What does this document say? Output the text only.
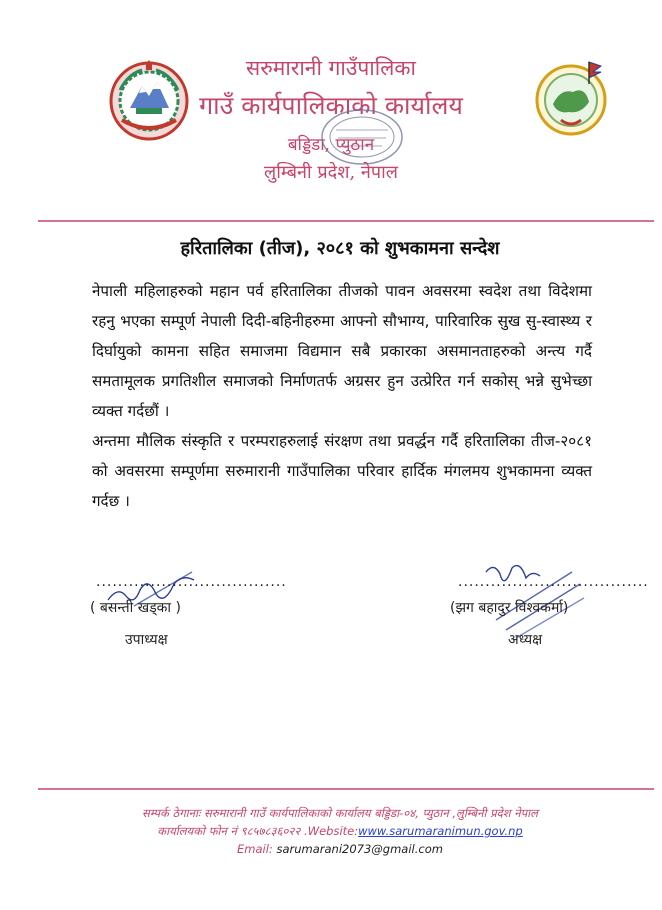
सरुमारानी गाउँपालिका
गाउँ कार्यपालिकाको कार्यालय
बड्डिडा, प्युठान
लुम्बिनी प्रदेश, नेपाल
हरितालिका (तीज), २०८१ को शुभकामना सन्देश

नेपाली महिलाहरुको महान पर्व हरितालिका तीजको पावन अवसरमा स्वदेश तथा विदेशमा रहनु भएका सम्पूर्ण नेपाली दिदी-बहिनीहरुमा आफ्नो सौभाग्य, पारिवारिक सुख सु-स्वास्थ्य र दिर्घायुको कामना सहित समाजमा विद्यमान सबै प्रकारका असमानताहरुको अन्त्य गर्दै समतामूलक प्रगतिशील समाजको निर्माणतर्फ अग्रसर हुन उत्प्रेरित गर्न सकोस् भन्ने सुभेच्छा व्यक्त गर्दछौं ।

अन्तमा मौलिक संस्कृति र परम्पराहरुलाई संरक्षण तथा प्रवर्द्धन गर्दै हरितालिका तीज-२०८१ को अवसरमा सम्पूर्णमा सरुमारानी गाउँपालिका परिवार हार्दिक मंगलमय शुभकामना व्यक्त गर्दछ ।

...................................
( बसन्ती खड्का )
उपाध्यक्ष
...................................
(झग बहादुर विश्वकर्मा)
अध्यक्ष
सम्पर्क ठेगानाः सरुमारानी गाउँ कार्यपालिकाको कार्यालय बड्डिडा-०४, प्युठान ,लुम्बिनी प्रदेश नेपाल
कार्यालयको फोन नं ९८५७८३६०२२ .Website:www.sarumaranimun.gov.np
Email: sarumarani2073@gmail.com
